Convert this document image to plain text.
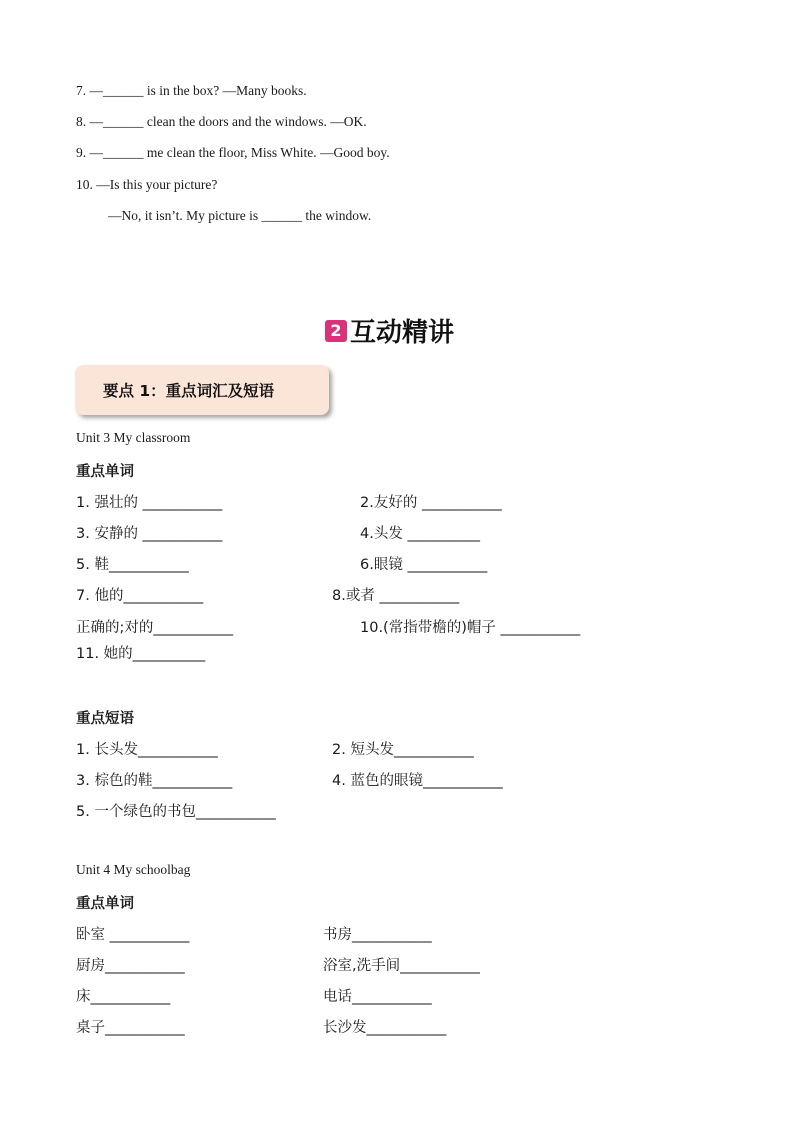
7. —______ is in the box? —Many books.
8. —______ clean the doors and the windows. —OK.
9. —______ me clean the floor, Miss White. —Good boy.
10. —Is this your picture?
—No, it isn’t. My picture is ______ the window.
2 互动精讲
要点 1：重点词汇及短语
Unit 3 My classroom
重点单词
1. 强壮的 ___________	2.友好的 ___________
3. 安静的 ___________	4.头发 __________
5. 鞋___________	6.眼镜 ___________
7. 他的___________	8.或者 ___________
正确的;对的___________	10.(常指带檐的)帽子 ___________
11. 她的__________
重点短语
1. 长头发___________	2. 短头发___________
3. 棕色的鞋___________	4. 蓝色的眼镜___________
5. 一个绿色的书包___________
Unit 4 My schoolbag
重点单词
卧室 ___________	书房___________
厨房___________	浴室,洗手间___________
床___________	电话___________
桌子___________	长沙发___________
